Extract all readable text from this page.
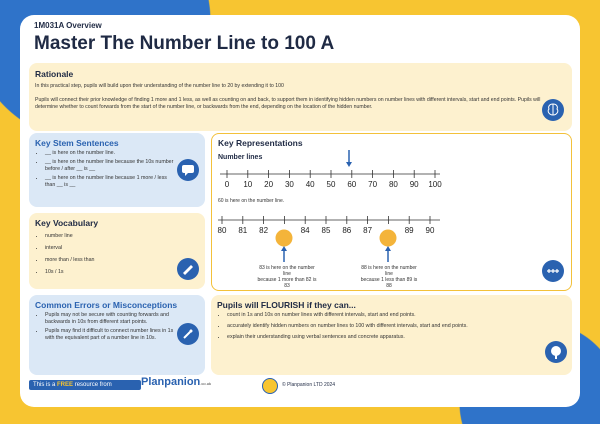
1M031A Overview
Master The Number Line to 100 A
Rationale

In this practical step, pupils will build upon their understanding of the number line to 20 by extending it to 100

Pupils will connect their prior knowledge of finding 1 more and 1 less, as well as counting on and back, to support them in identifying hidden numbers on number lines with different intervals, start and end points. Pupils will determine whether to count forwards from the start of the number line, or backwards from the end, depending on the location of the hidden number.

Key Stem Sentences
• __ is here on the number line.
• __ is here on the number line because the 10s number before / after __ is __
• __ is here on the number line because 1 more / less than __ is __
Key Vocabulary
• number line
• interval
• more than / less than
• 10s / 1s
Common Errors or Misconceptions
• Pupils may not be secure with counting forwards and backwards in 10s from different start points.
• Pupils may find it difficult to connect number lines in 1s with the equivalent part of a number line in 10s.
Key Representations
Number lines
0 10 20 30 40 50 60 70 80 90 100
80 81 82	84 85 86 87	89 90
60 is here on the number line.
83 is here on the number line
because 1 more than 82 is 83
88 is here on the number line
because 1 less than 89 is 88
Pupils will FLOURISH if they can...
• count in 1s and 10s on number lines with different intervals, start and end points.
• accurately identify hidden numbers on number lines to 100 with different intervals, start and end points.
• explain their understanding using verbal sentences and concrete apparatus.
This is a FREE resource from	Planpanion.co.uk	© Planpanion LTD 2024
